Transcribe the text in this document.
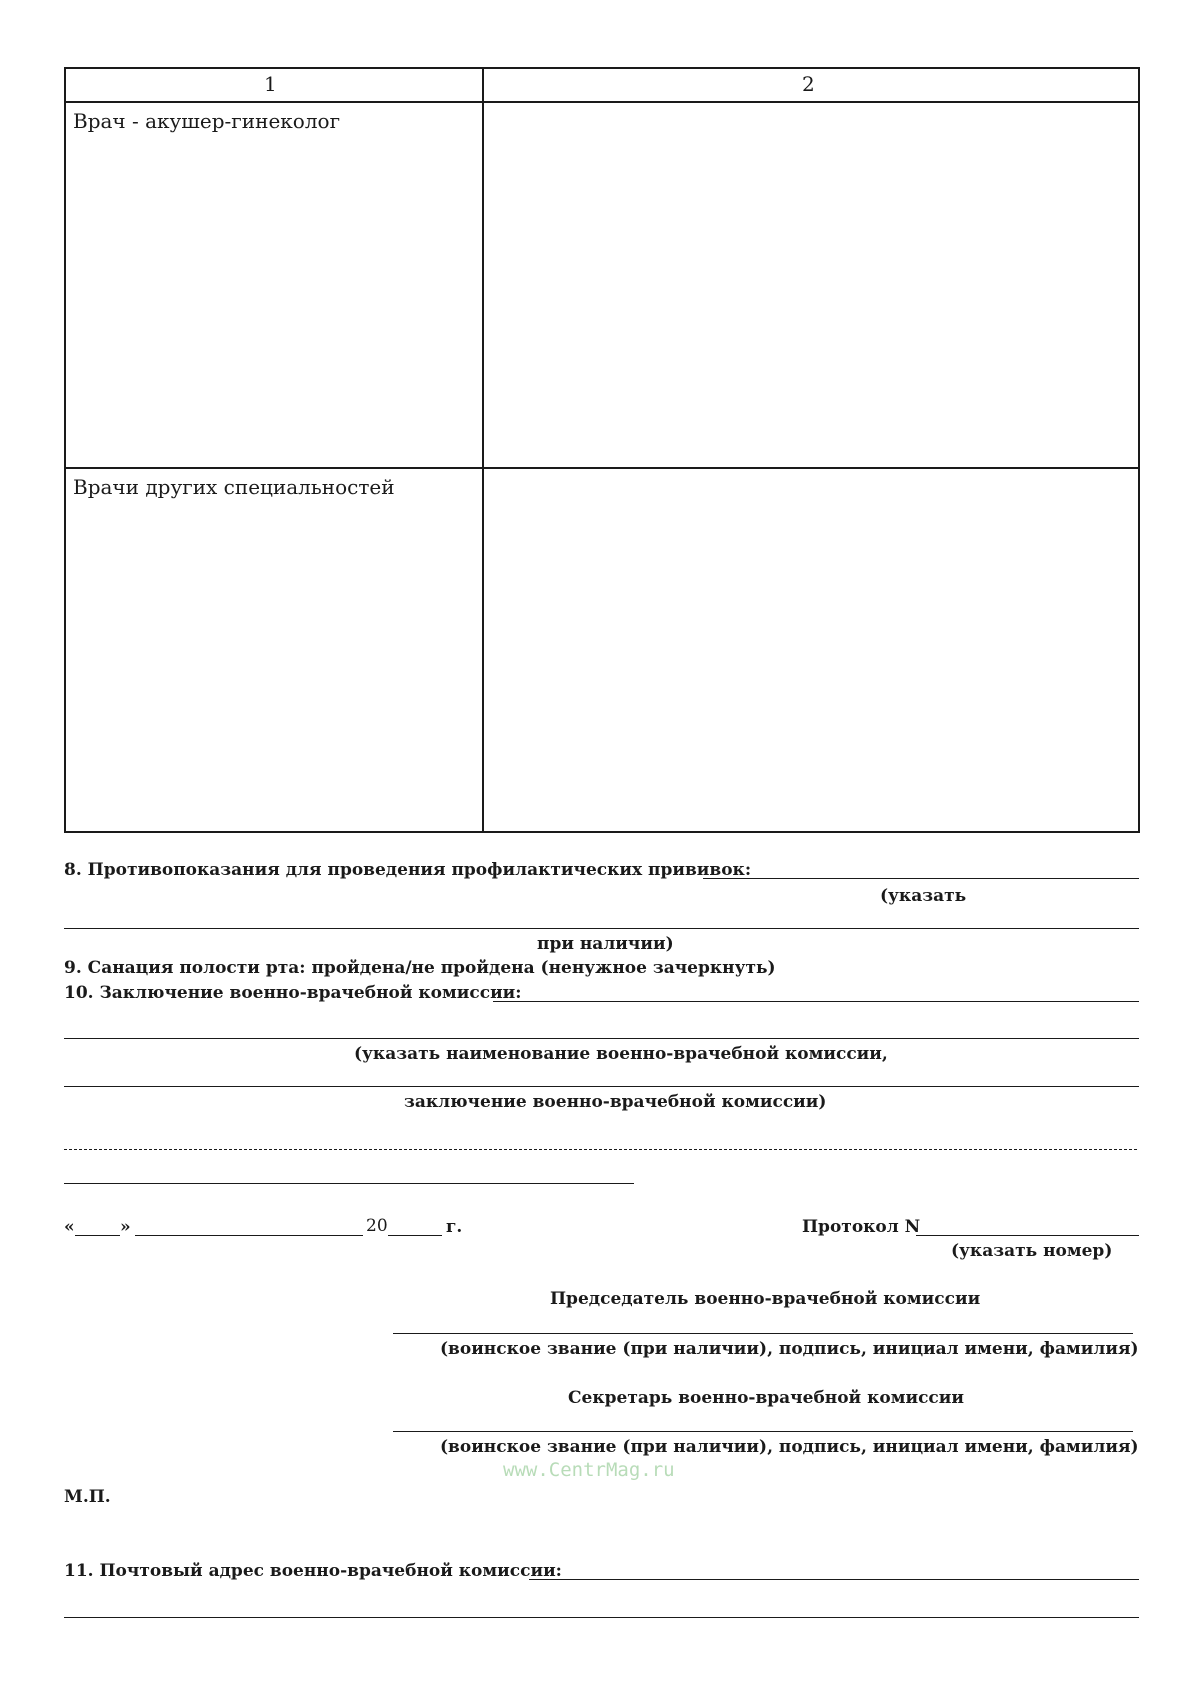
1	2
Врач - акушер-гинеколог
Врачи других специальностей
8. Противопоказания для проведения профилактических прививок:
(указать
при наличии)
9. Санация полости рта: пройдена/не пройдена (ненужное зачеркнуть)
10. Заключение военно-врачебной комиссии:
(указать наименование военно-врачебной комиссии,
заключение военно-врачебной комиссии)
«	»	20	г.	Протокол N
(указать номер)
Председатель военно-врачебной комиссии
(воинское звание (при наличии), подпись, инициал имени, фамилия)
Секретарь военно-врачебной комиссии
(воинское звание (при наличии), подпись, инициал имени, фамилия)
www.CentrMag.ru
М.П.
11. Почтовый адрес военно-врачебной комиссии:
